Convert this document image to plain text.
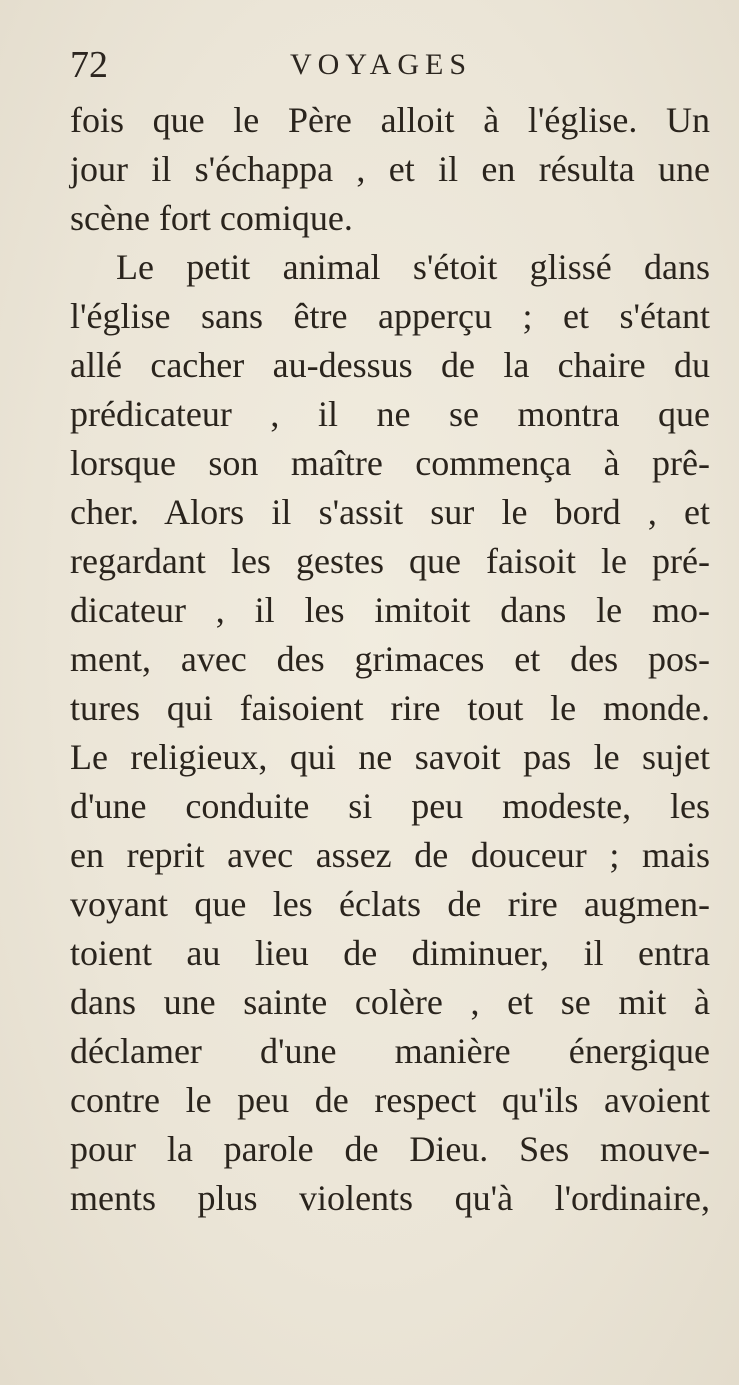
72	VOYAGES
fois que le Père alloit à l'église. Un
jour il s'échappa , et il en résulta une
scène fort comique.
Le petit animal s'étoit glissé dans
l'église sans être apperçu ; et s'étant
allé cacher au-dessus de la chaire du
prédicateur , il ne se montra que
lorsque son maître commença à prê-
cher. Alors il s'assit sur le bord , et
regardant les gestes que faisoit le pré-
dicateur , il les imitoit dans le mo-
ment, avec des grimaces et des pos-
tures qui faisoient rire tout le monde.
Le religieux, qui ne savoit pas le sujet
d'une conduite si peu modeste, les
en reprit avec assez de douceur ; mais
voyant que les éclats de rire augmen-
toient au lieu de diminuer, il entra
dans une sainte colère , et se mit à
déclamer d'une manière énergique
contre le peu de respect qu'ils avoient
pour la parole de Dieu. Ses mouve-
ments plus violents qu'à l'ordinaire,
